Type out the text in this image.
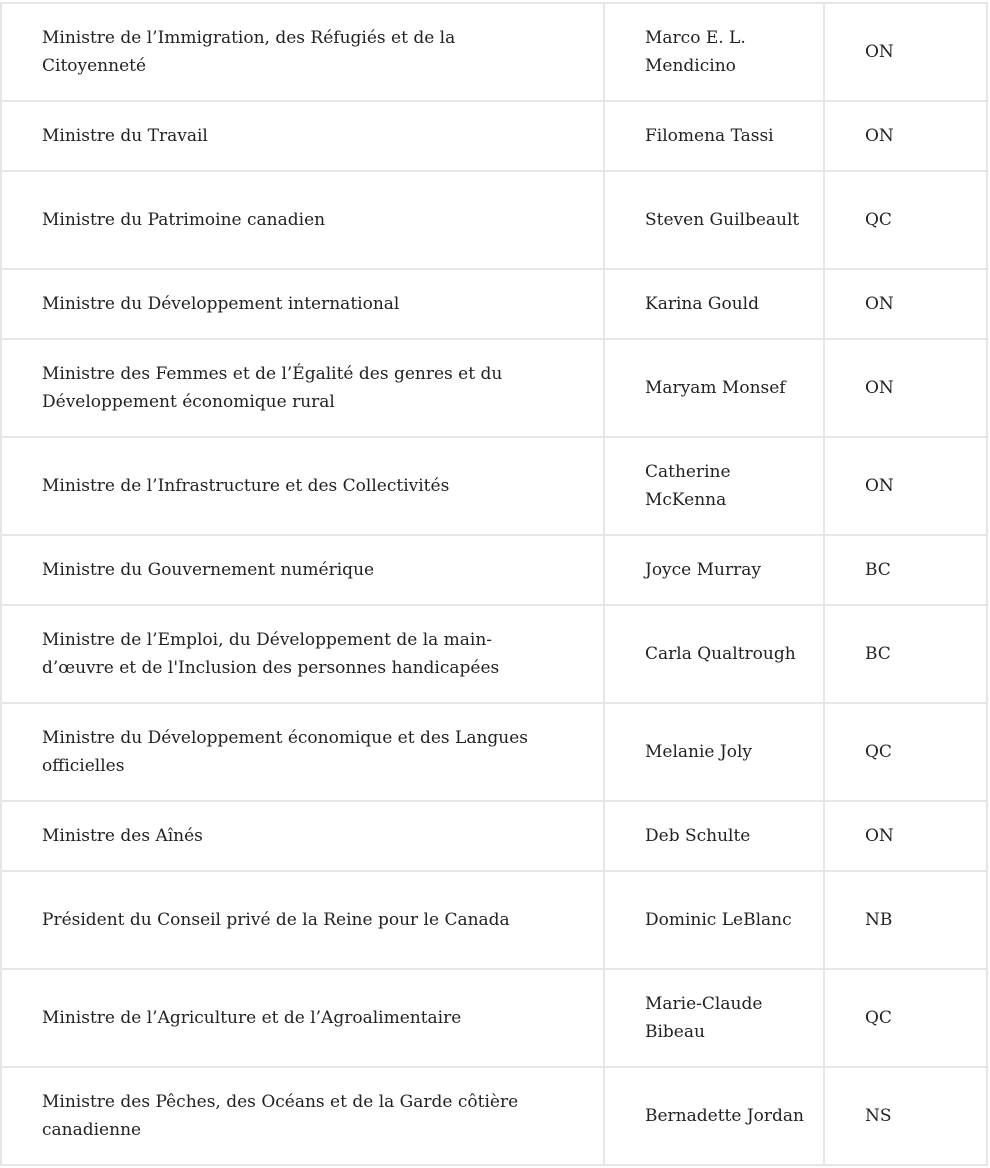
Ministre de l’Immigration, des Réfugiés et de la Citoyenneté	Marco E. L. Mendicino	ON

Ministre du Travail	Filomena Tassi	ON

Ministre du Patrimoine canadien	Steven Guilbeault	QC

Ministre du Développement international	Karina Gould	ON

Ministre des Femmes et de l’Égalité des genres et du Développement économique rural	Maryam Monsef	ON

Ministre de l’Infrastructure et des Collectivités	Catherine McKenna	ON

Ministre du Gouvernement numérique	Joyce Murray	BC

Ministre de l’Emploi, du Développement de la main-d’œuvre et de l'Inclusion des personnes handicapées	Carla Qualtrough	BC

Ministre du Développement économique et des Langues officielles	Melanie Joly	QC

Ministre des Aînés	Deb Schulte	ON

Président du Conseil privé de la Reine pour le Canada	Dominic LeBlanc	NB

Ministre de l’Agriculture et de l’Agroalimentaire	Marie-Claude Bibeau	QC

Ministre des Pêches, des Océans et de la Garde côtière canadienne	Bernadette Jordan	NS
